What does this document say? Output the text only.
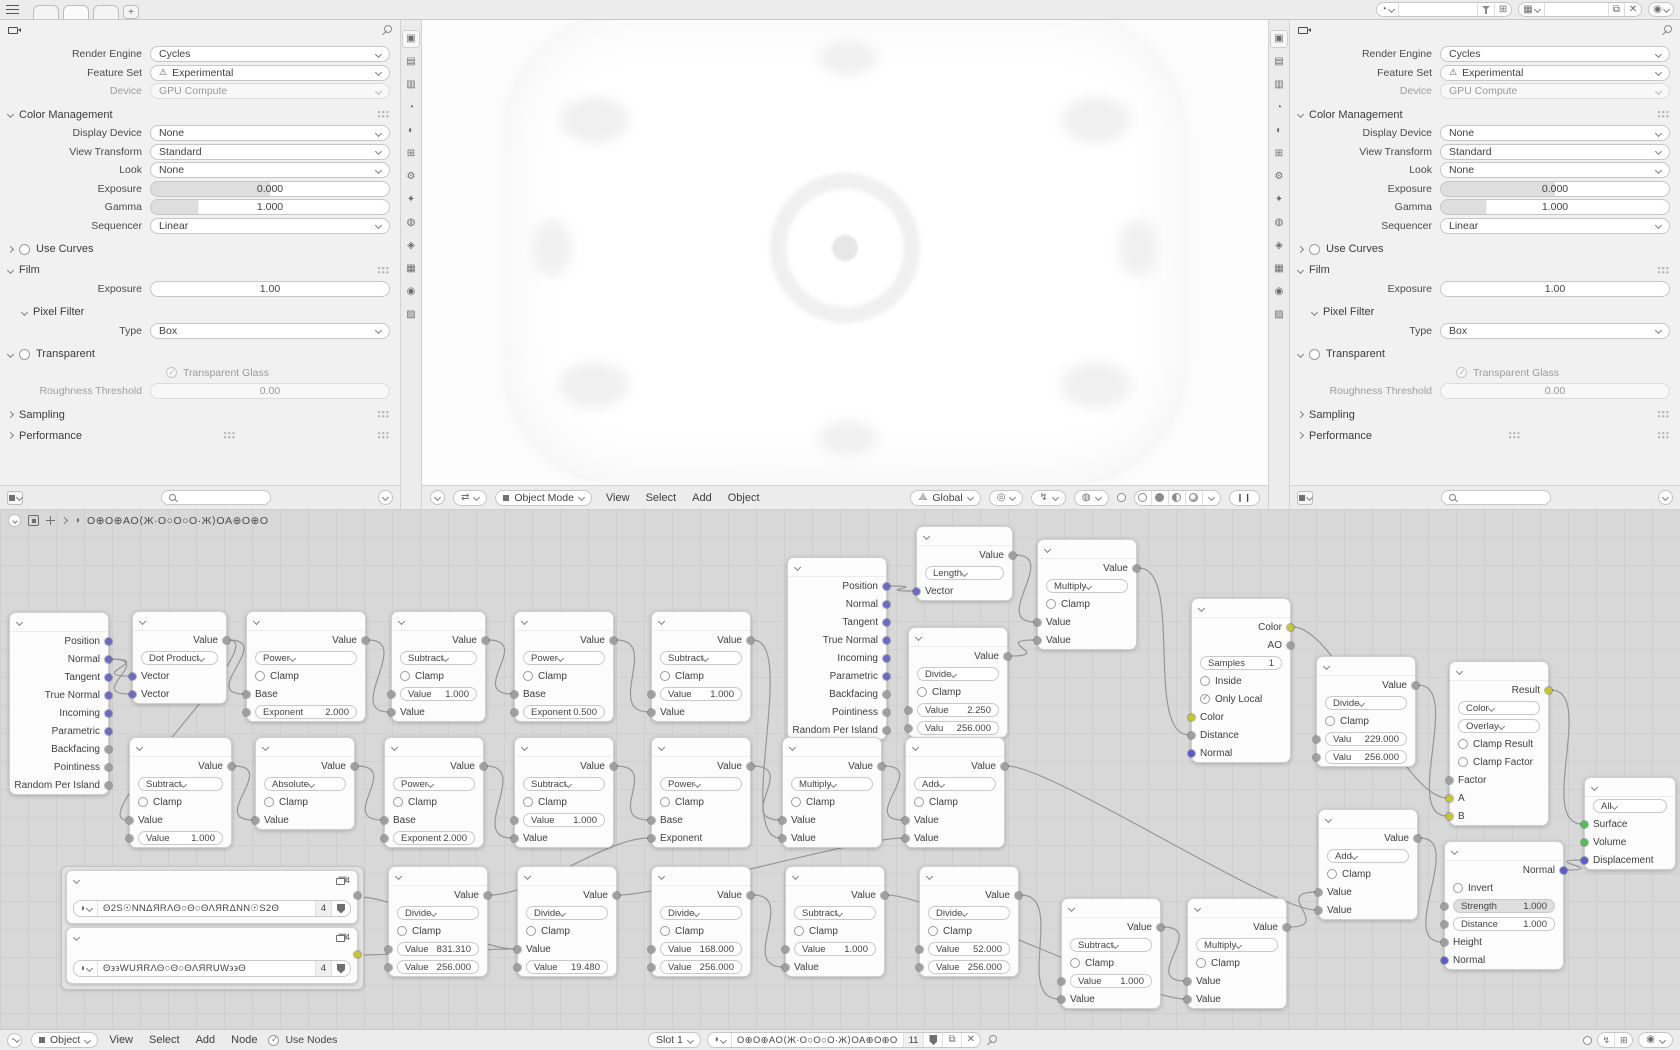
+	◔	⊞ ▦	⧉ ✕ ◉
Render Engine	Cycles
Feature Set	⚠ Experimental
Device	GPU Compute
Color Management
Display Device	None
View Transform	Standard
Look	None
Exposure	0.000
Gamma	1.000
Sequencer	Linear
Use Curves
Film
Exposure	1.00
Pixel Filter
Type	Box
Transparent
✓
Transparent Glass
Roughness Threshold	0.00
Sampling
Performance
▣
▤
▥
◔
◐
⊞
⚙
✦
◍
◈
▦
◉
▨
⇄	Object Mode	View Select Add Object	⟁ Global	◎	↯	◍	❙❙
▣
▤
▥
◔
◐
⊞
⚙
✦
◍
◈
▦
◉
▨
Render Engine	Cycles
Feature Set	⚠ Experimental
Device	GPU Compute
Color Management
Display Device	None
View Transform	Standard
Look	None
Exposure	0.000
Gamma	1.000
Sequencer	Linear
Use Curves
Film
Exposure	1.00
Pixel Filter
Type	Box
Transparent
✓
Transparent Glass
Roughness Threshold	0.00
Sampling
Performance
◑ O⊕O⊕AO⟨Ж·O○O○O·Ж⟩OA⊕O⊕O
Position
Normal
Tangent
True Normal
Incoming
Parametric
Backfacing
Pointiness
Random Per Island
Value
Dot Product
Vector
Vector
Value
Power
Clamp
Base
Exponent 2.000
Value
Subtract
Clamp
Value 1.000
Value
Value
Power
Clamp
Base
Exponent 0.500
Value
Subtract
Clamp
Value 1.000
Value
Position
Normal
Tangent
True Normal
Incoming
Parametric
Backfacing
Pointiness
Random Per Island
Value
Length
Vector
Value
Multiply
Clamp
Value
Value
Value
Divide
Clamp
Value 2.250
Valu 256.000
Color
AO
Samples 1
Inside
✓
Only Local
Color
Distance
Normal
Value
Divide
Clamp
Valu 229.000
Valu 256.000
Result
Color
Overlay
Clamp Result
Clamp Factor
Factor
A
B
All
Surface
Volume
Displacement
Value
Subtract
Clamp
Value
Value 1.000
Value
Absolute
Clamp
Value
Value
Power
Clamp
Base
Exponent 2.000
Value
Subtract
Clamp
Value 1.000
Value
Value
Power
Clamp
Base
Exponent
Value
Multiply
Clamp
Value
Value
Value
Add
Clamp
Value
Value
Value
Divide
Clamp
Value 831.310
Value 256.000
Value
Divide
Clamp
Value
Value 19.480
Value
Divide
Clamp
Value 168.000
Value 256.000
Value
Subtract
Clamp
Value 1.000
Value
Value
Divide
Clamp
Value 52.000
Value 256.000
Value
Subtract
Clamp
Value 1.000
Value
Value
Multiply
Clamp
Value
Value
Value
Add
Clamp
Value
Value
Normal
Invert
Strength	1.000
Distance	1.000
Height
Normal
4
◑	Θ2S☉NNΔЯRΛΘ○Θ○ΘΛЯRΔNN☉S2Θ	4
4
◑	Θ϶϶WUЯRΛΘ○Θ○ΘΛЯRUW϶϶Θ	4
◔	Object	View Select Add Node ✓	Use Nodes	Slot 1	◑	O⊕O⊕AO⟨Ж·O○O○O·Ж⟩OA⊕O⊕O	11	⧉ ✕	↯ ⊞ ◉
